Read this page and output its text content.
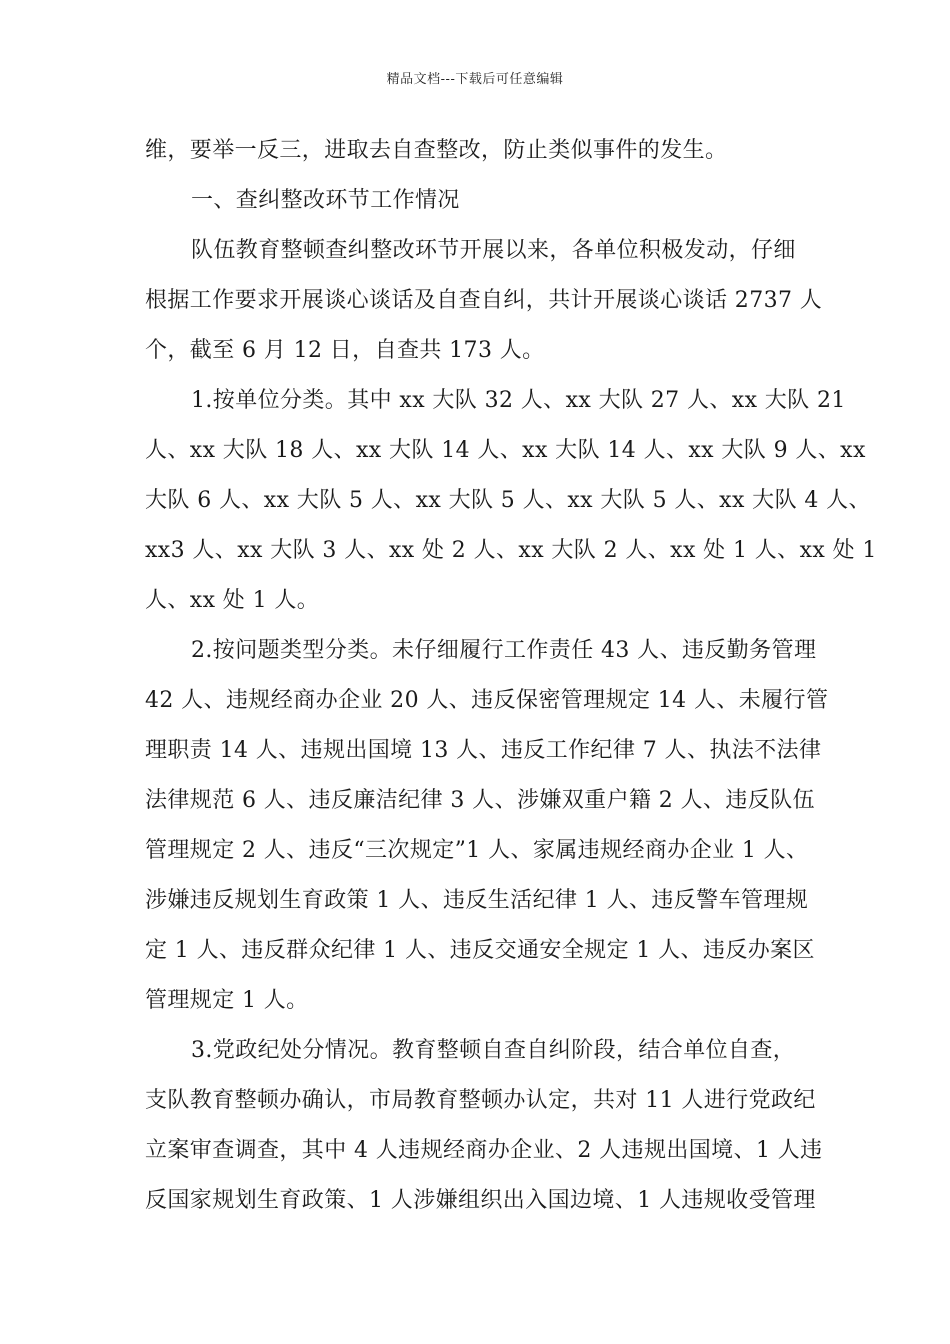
精品文档---下载后可任意编辑
维，要举一反三，进取去自查整改，防止类似事件的发生。
一、查纠整改环节工作情况
队伍教育整顿查纠整改环节开展以来，各单位积极发动，仔细
根据工作要求开展谈心谈话及自查自纠，共计开展谈心谈话 2737 人
个，截至 6 月 12 日，自查共 173 人。
1.按单位分类。其中 xx 大队 32 人、xx 大队 27 人、xx 大队 21
人、xx 大队 18 人、xx 大队 14 人、xx 大队 14 人、xx 大队 9 人、xx
大队 6 人、xx 大队 5 人、xx 大队 5 人、xx 大队 5 人、xx 大队 4 人、
xx3 人、xx 大队 3 人、xx 处 2 人、xx 大队 2 人、xx 处 1 人、xx 处 1
人、xx 处 1 人。
2.按问题类型分类。未仔细履行工作责任 43 人、违反勤务管理
42 人、违规经商办企业 20 人、违反保密管理规定 14 人、未履行管
理职责 14 人、违规出国境 13 人、违反工作纪律 7 人、执法不法律
法律规范 6 人、违反廉洁纪律 3 人、涉嫌双重户籍 2 人、违反队伍
管理规定 2 人、违反“三次规定”1 人、家属违规经商办企业 1 人、
涉嫌违反规划生育政策 1 人、违反生活纪律 1 人、违反警车管理规
定 1 人、违反群众纪律 1 人、违反交通安全规定 1 人、违反办案区
管理规定 1 人。
3.党政纪处分情况。教育整顿自查自纠阶段，结合单位自查，
支队教育整顿办确认，市局教育整顿办认定，共对 11 人进行党政纪
立案审查调查，其中 4 人违规经商办企业、2 人违规出国境、1 人违
反国家规划生育政策、1 人涉嫌组织出入国边境、1 人违规收受管理
